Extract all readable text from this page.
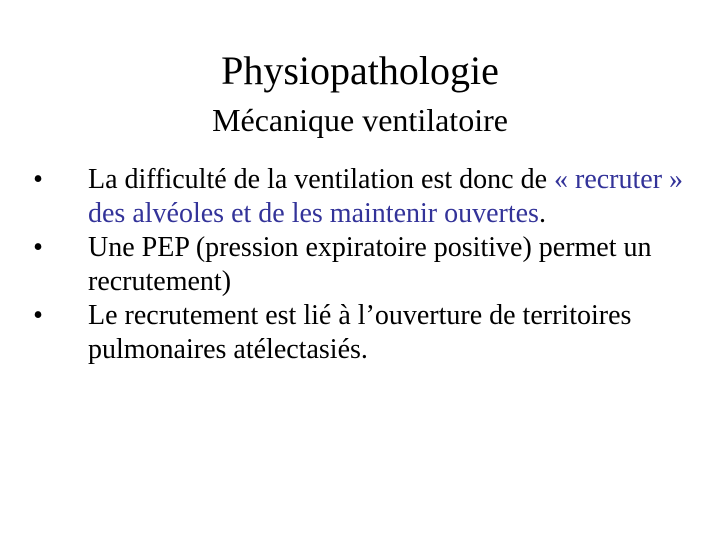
Physiopathologie
Mécanique ventilatoire
• La difficulté de la ventilation est donc de « recruter » des alvéoles et de les maintenir ouvertes.
• Une PEP (pression expiratoire positive) permet un recrutement)
• Le recrutement est lié à l’ouverture de territoires pulmonaires atélectasiés.
